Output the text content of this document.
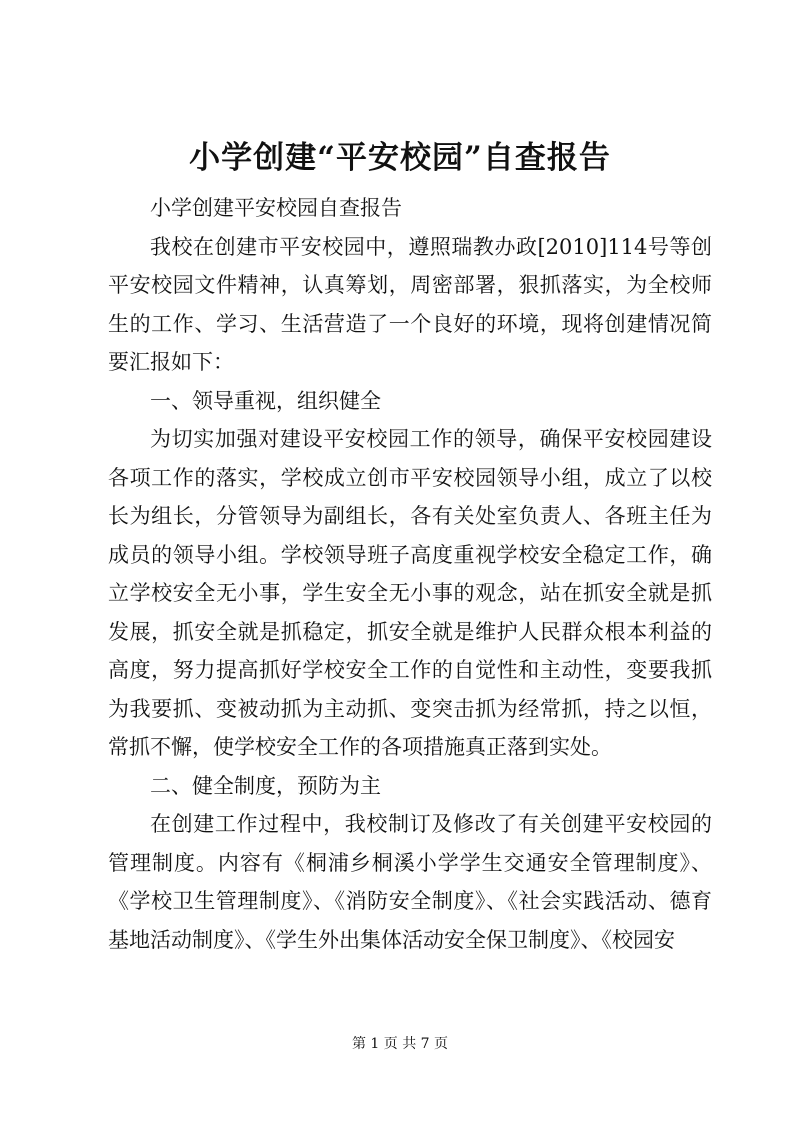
小学创建“平安校园”自查报告

小学创建平安校园自查报告

我校在创建市平安校园中，遵照瑞教办政[2010]114号等创平安校园文件精神，认真筹划，周密部署，狠抓落实，为全校师生的工作、学习、生活营造了一个良好的环境，现将创建情况简要汇报如下：

一、领导重视，组织健全

为切实加强对建设平安校园工作的领导，确保平安校园建设各项工作的落实，学校成立创市平安校园领导小组，成立了以校长为组长，分管领导为副组长，各有关处室负责人、各班主任为成员的领导小组。学校领导班子高度重视学校安全稳定工作，确立学校安全无小事，学生安全无小事的观念，站在抓安全就是抓发展，抓安全就是抓稳定，抓安全就是维护人民群众根本利益的高度，努力提高抓好学校安全工作的自觉性和主动性，变要我抓为我要抓、变被动抓为主动抓、变突击抓为经常抓，持之以恒，常抓不懈，使学校安全工作的各项措施真正落到实处。

二、健全制度，预防为主

在创建工作过程中，我校制订及修改了有关创建平安校园的管理制度。内容有《桐浦乡桐溪小学学生交通安全管理制度》、《学校卫生管理制度》、《消防安全制度》、《社会实践活动、德育基地活动制度》、《学生外出集体活动安全保卫制度》、《校园安

第 1 页 共 7 页
